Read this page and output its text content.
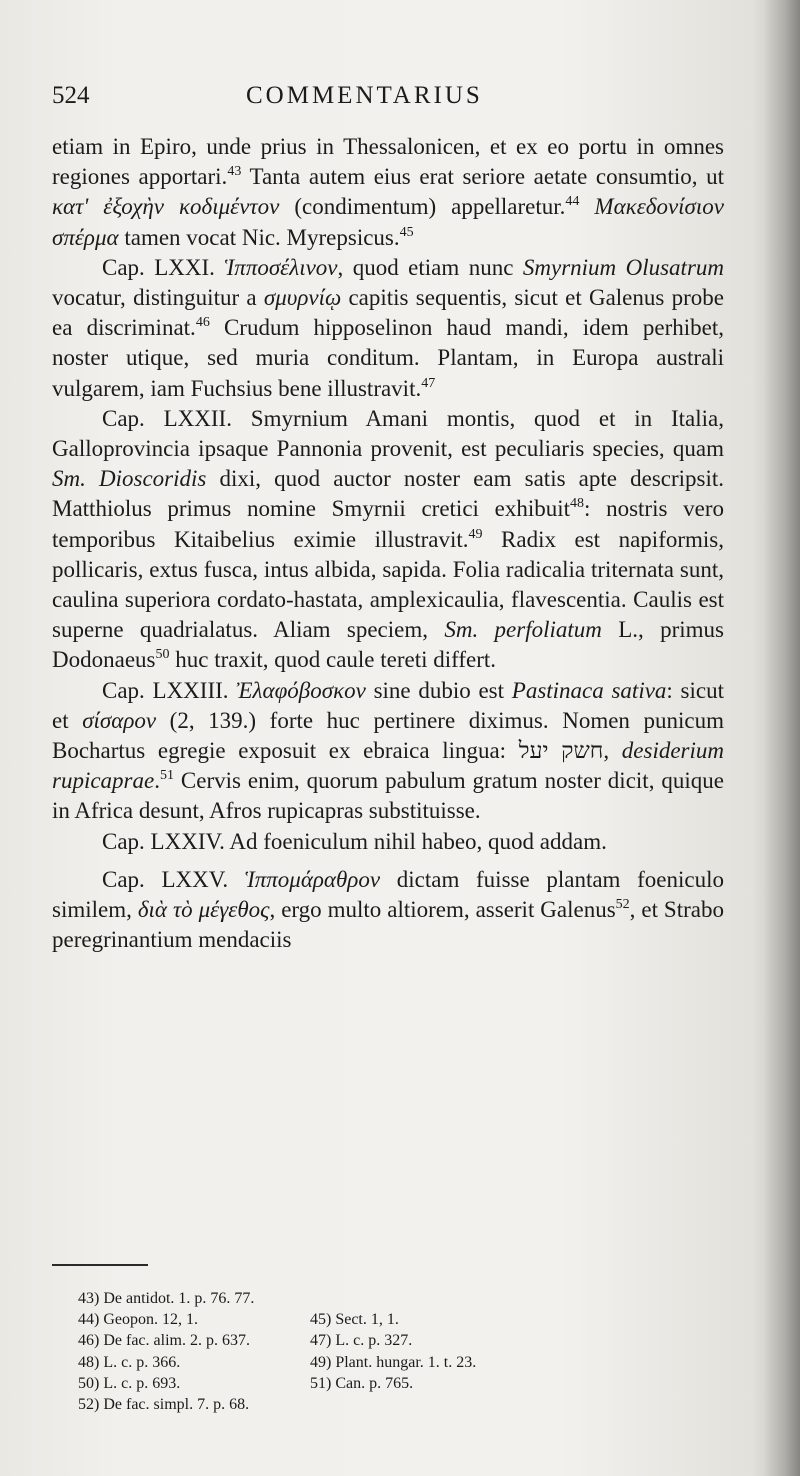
524	COMMENTARIUS

etiam in Epiro, unde prius in Thessalonicen, et ex eo portu in omnes regiones apportari.$^{43}$ Tanta autem eius erat seriore aetate consumtio, ut κατ' ἐξοχὴν κοδιμέντον (condimentum) appellaretur.$^{44}$ Μακεδονίσιον σπέρμα tamen vocat Nic. Myrepsicus.$^{45}$

Cap. LXXI. Ἱπποσέλινον, quod etiam nunc Smyrnium Olusatrum vocatur, distinguitur a σμυρνίῳ capitis sequentis, sicut et Galenus probe ea discriminat.$^{46}$ Crudum hipposelinon haud mandi, idem perhibet, noster utique, sed muria conditum. Plantam, in Europa australi vulgarem, iam Fuchsius bene illustravit.$^{47}$

Cap. LXXII. Smyrnium Amani montis, quod et in Italia, Galloprovincia ipsaque Pannonia provenit, est peculiaris species, quam Sm. Dioscoridis dixi, quod auctor noster eam satis apte descripsit. Matthiolus primus nomine Smyrnii cretici exhibuit$^{48}$: nostris vero temporibus Kitaibelius eximie illustravit.$^{49}$ Radix est napiformis, pollicaris, extus fusca, intus albida, sapida. Folia radicalia triternata sunt, caulina superiora cordato-hastata, amplexicaulia, flavescentia. Caulis est superne quadrialatus. Aliam speciem, Sm. perfoliatum L., primus Dodonaeus$^{50}$ huc traxit, quod caule tereti differt.

Cap. LXXIII. Ἐλαφόβοσκον sine dubio est Pastinaca sativa: sicut et σίσαρον (2, 139.) forte huc pertinere diximus. Nomen punicum Bochartus egregie exposuit ex ebraica lingua: חשק יעל, desiderium rupicaprae.$^{51}$ Cervis enim, quorum pabulum gratum noster dicit, quique in Africa desunt, Afros rupicapras substituisse.

Cap. LXXIV. Ad foeniculum nihil habeo, quod addam.

Cap. LXXV. Ἱππομάραθρον dictam fuisse plantam foeniculo similem, διὰ τὸ μέγεθος, ergo multo altiorem, asserit Galenus$^{52}$, et Strabo peregrinantium mendaciis

43) De antidot. 1. p. 76. 77.
44) Geopon. 12, 1.	45) Sect. 1, 1.
46) De fac. alim. 2. p. 637.	47) L. c. p. 327.
48) L. c. p. 366.	49) Plant. hungar. 1. t. 23.
50) L. c. p. 693.	51) Can. p. 765.
52) De fac. simpl. 7. p. 68.
